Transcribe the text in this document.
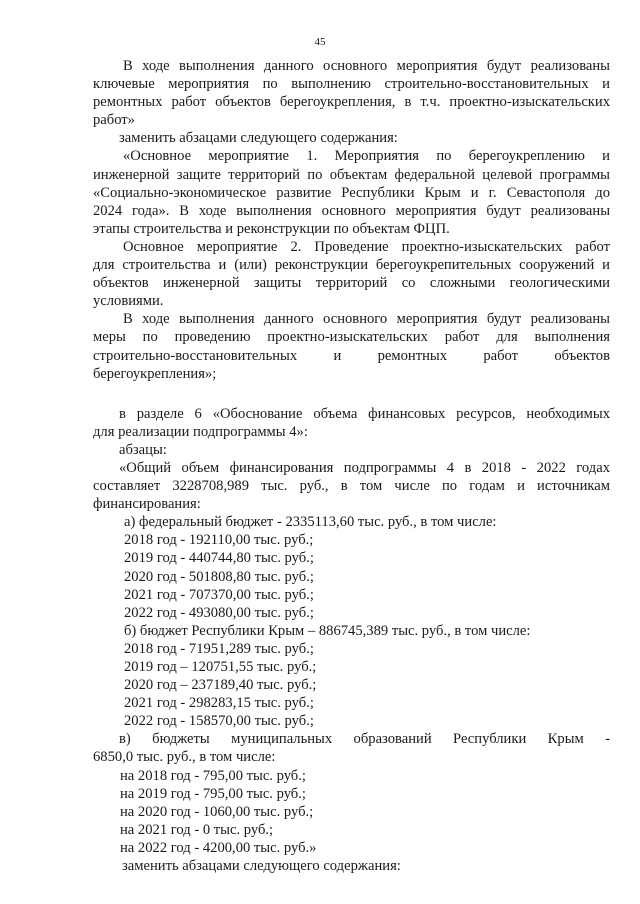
45

В ходе выполнения данного основного мероприятия будут реализованы

ключевые мероприятия по выполнению строительно-восстановительных и

ремонтных работ объектов берегоукрепления, в т.ч. проектно-изыскательских

работ»

заменить абзацами следующего содержания:

«Основное мероприятие 1. Мероприятия по берегоукреплению и

инженерной защите территорий по объектам федеральной целевой программы

«Социально-экономическое развитие Республики Крым и г. Севастополя до

2024 года». В ходе выполнения основного мероприятия будут реализованы

этапы строительства и реконструкции по объектам ФЦП.

Основное мероприятие 2. Проведение проектно-изыскательских работ

для строительства и (или) реконструкции берегоукрепительных сооружений и

объектов инженерной защиты территорий со сложными геологическими

условиями.

В ходе выполнения данного основного мероприятия будут реализованы

меры по проведению проектно-изыскательских работ для выполнения

строительно-восстановительных и ремонтных работ объектов

берегоукрепления»;

в разделе 6 «Обоснование объема финансовых ресурсов, необходимых

для реализации подпрограммы 4»:

абзацы:

«Общий объем финансирования подпрограммы 4 в 2018 - 2022 годах

составляет 3228708,989 тыс. руб., в том числе по годам и источникам

финансирования:

а) федеральный бюджет - 2335113,60 тыс. руб., в том числе:

2018 год - 192110,00 тыс. руб.;

2019 год - 440744,80 тыс. руб.;

2020 год - 501808,80 тыс. руб.;

2021 год - 707370,00 тыс. руб.;

2022 год - 493080,00 тыс. руб.;

б) бюджет Республики Крым – 886745,389 тыс. руб., в том числе:

2018 год - 71951,289 тыс. руб.;

2019 год – 120751,55 тыс. руб.;

2020 год – 237189,40 тыс. руб.;

2021 год - 298283,15 тыс. руб.;

2022 год - 158570,00 тыс. руб.;

в) бюджеты муниципальных образований Республики Крым -

6850,0 тыс. руб., в том числе:

на 2018 год - 795,00 тыс. руб.;

на 2019 год - 795,00 тыс. руб.;

на 2020 год - 1060,00 тыс. руб.;

на 2021 год - 0 тыс. руб.;

на 2022 год - 4200,00 тыс. руб.»

заменить абзацами следующего содержания:
